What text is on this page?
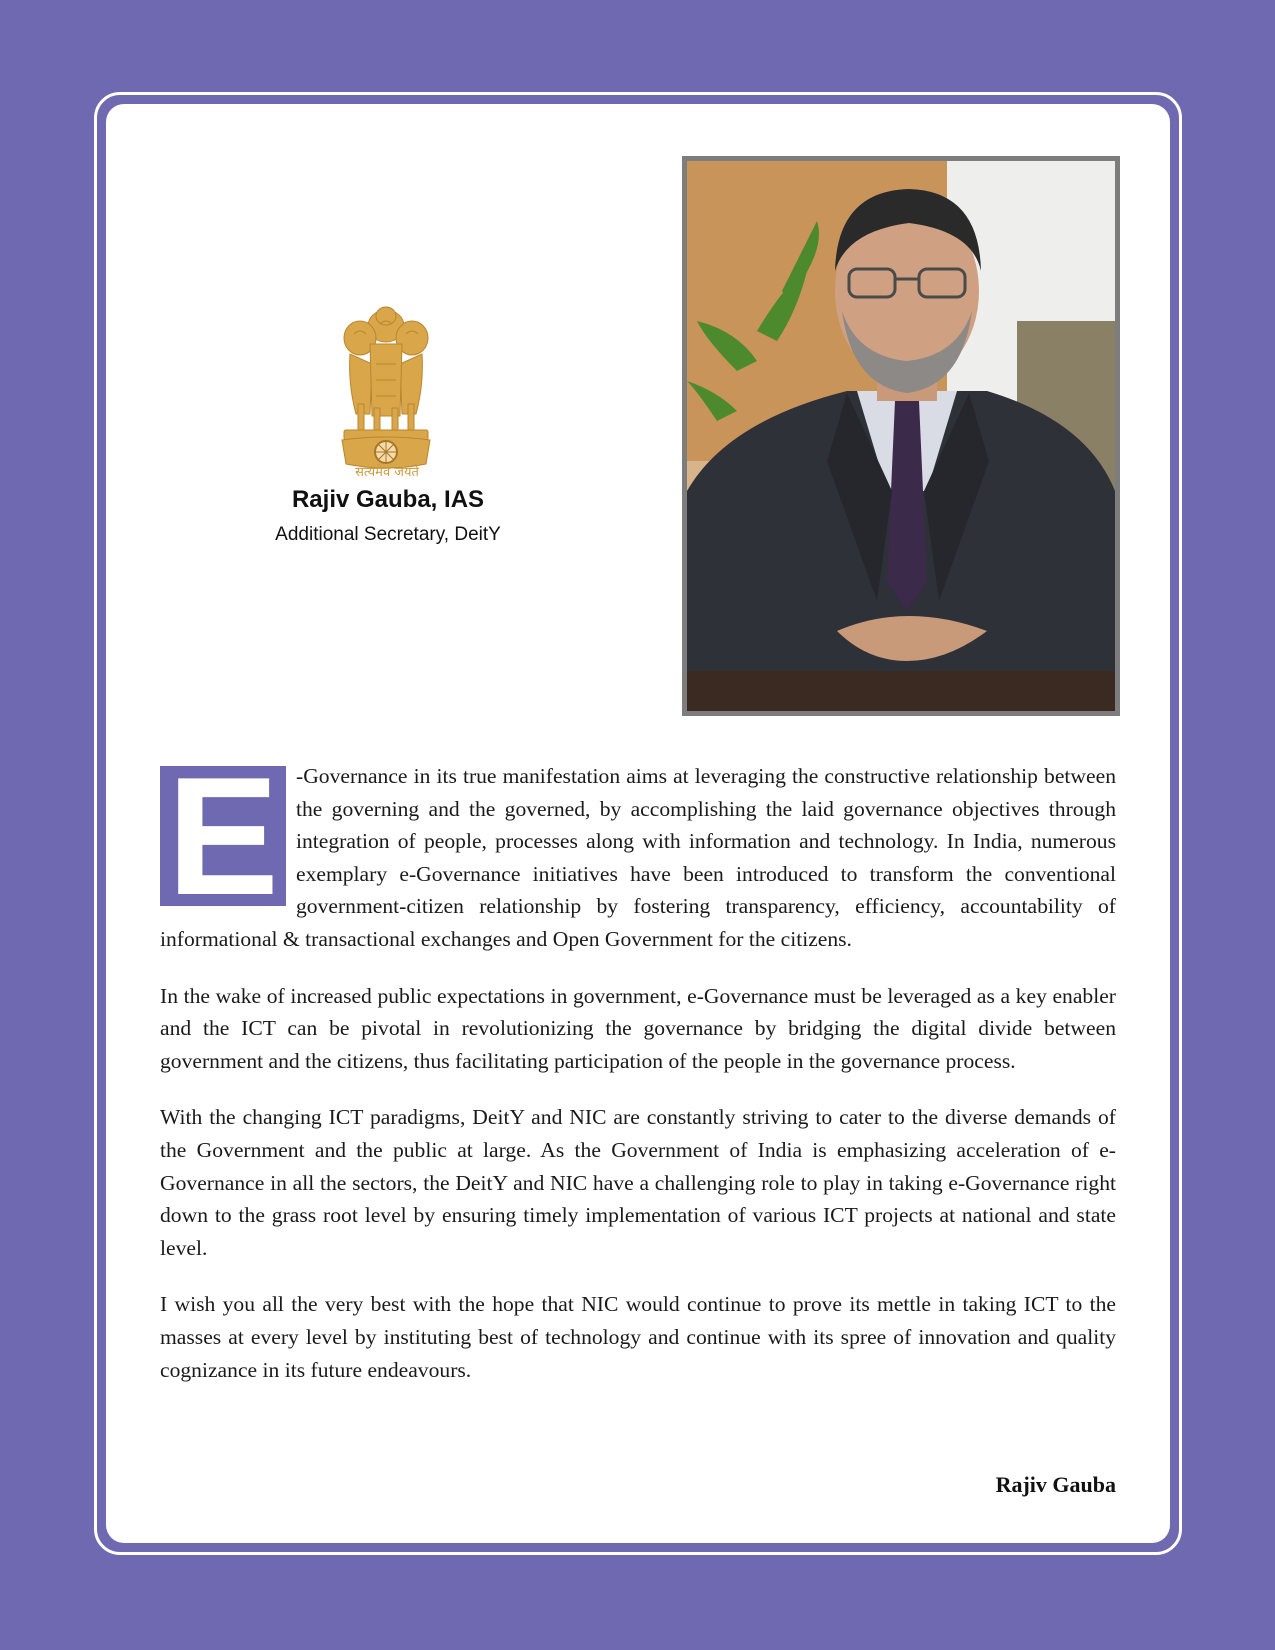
सत्यमेव जयते
Rajiv Gauba, IAS
Additional Secretary, DeitY
E -Governance in its true manifestation aims at leveraging the constructive relationship between the governing and the governed, by accomplishing the laid governance objectives through integration of people, processes along with information and technology. In India, numerous exemplary e-Governance initiatives have been introduced to transform the conventional government-citizen relationship by fostering transparency, efficiency, accountability of informational & transactional exchanges and Open Government for the citizens.

In the wake of increased public expectations in government, e-Governance must be leveraged as a key enabler and the ICT can be pivotal in revolutionizing the governance by bridging the digital divide between government and the citizens, thus facilitating participation of the people in the governance process.

With the changing ICT paradigms, DeitY and NIC are constantly striving to cater to the diverse demands of the Government and the public at large. As the Government of India is emphasizing acceleration of e-Governance in all the sectors, the DeitY and NIC have a challenging role to play in taking e-Governance right down to the grass root level by ensuring timely implementation of various ICT projects at national and state level.

I wish you all the very best with the hope that NIC would continue to prove its mettle in taking ICT to the masses at every level by instituting best of technology and continue with its spree of innovation and quality cognizance in its future endeavours.

Rajiv Gauba
